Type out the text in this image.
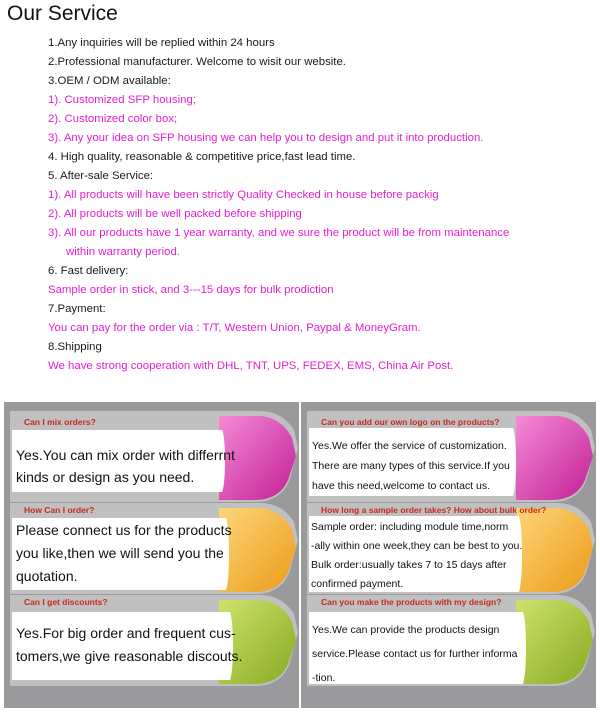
Our Service
1.Any inquiries will be replied within 24 hours
2.Professional manufacturer. Welcome to wisit our website.
3.OEM / ODM available:
1). Customized SFP housing;
2). Customized color box;
3). Any your idea on SFP housing we can help you to design and put it into production.
4. High quality, reasonable & competitive price,fast lead time.
5. After-sale Service:
1). All products will have been strictly Quality Checked in house before packig
2). All products will be well packed before shipping
3). All our products have 1 year warranty, and we sure the product will be from maintenance
within warranty period.
6. Fast delivery:
Sample order in stick, and 3---15 days for bulk prodiction
7.Payment:
You can pay for the order via : T/T, Western Union, Paypal & MoneyGram.
8.Shipping
We have strong cooperation with DHL, TNT, UPS, FEDEX, EMS, China Air Post.
Can I mix orders?
Yes.You can mix order with differrnt
kinds or design as you need.
How Can I order?
Please connect us for the products
you like,then we will send you the
quotation.
Can I get discounts?
Yes.For big order and frequent cus-
tomers,we give reasonable discouts.
Can you add our own logo on the products?
Yes.We offer the service of customization.
There are many types of this service.If you
have this need,welcome to contact us.
How long a sample order takes? How about bulk order?
Sample order: including module time,norm
-ally within one week,they can be best to you.
Bulk order:usually takes 7 to 15 days after
confirmed payment.
Can you make the products with my design?
Yes.We can provide the products design
service.Please contact us for further informa
-tion.
